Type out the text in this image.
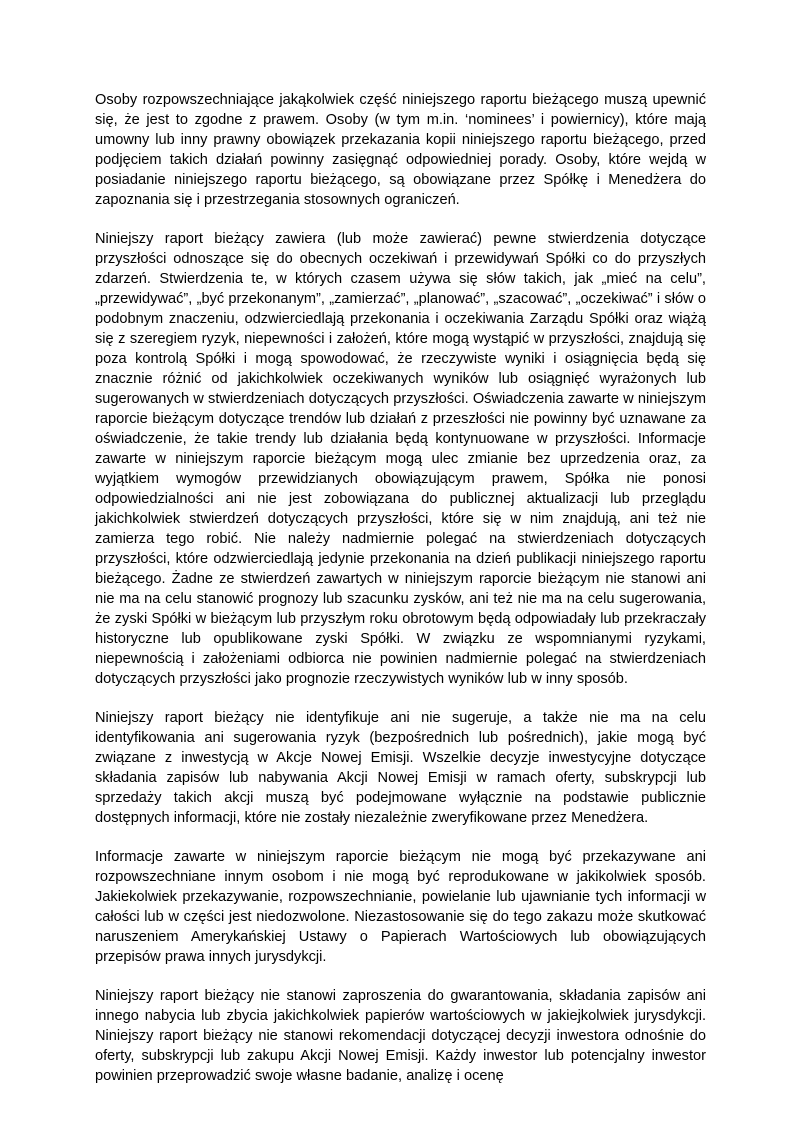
Osoby rozpowszechniające jakąkolwiek część niniejszego raportu bieżącego muszą upewnić się, że jest to zgodne z prawem. Osoby (w tym m.in. ‘nominees’ i powiernicy), które mają umowny lub inny prawny obowiązek przekazania kopii niniejszego raportu bieżącego, przed podjęciem takich działań powinny zasięgnąć odpowiedniej porady. Osoby, które wejdą w posiadanie niniejszego raportu bieżącego, są obowiązane przez Spółkę i Menedżera do zapoznania się i przestrzegania stosownych ograniczeń.

Niniejszy raport bieżący zawiera (lub może zawierać) pewne stwierdzenia dotyczące przyszłości odnoszące się do obecnych oczekiwań i przewidywań Spółki co do przyszłych zdarzeń. Stwierdzenia te, w których czasem używa się słów takich, jak „mieć na celu”, „przewidywać”, „być przekonanym”, „zamierzać”, „planować”, „szacować”, „oczekiwać” i słów o podobnym znaczeniu, odzwierciedlają przekonania i oczekiwania Zarządu Spółki oraz wiążą się z szeregiem ryzyk, niepewności i założeń, które mogą wystąpić w przyszłości, znajdują się poza kontrolą Spółki i mogą spowodować, że rzeczywiste wyniki i osiągnięcia będą się znacznie różnić od jakichkolwiek oczekiwanych wyników lub osiągnięć wyrażonych lub sugerowanych w stwierdzeniach dotyczących przyszłości. Oświadczenia zawarte w niniejszym raporcie bieżącym dotyczące trendów lub działań z przeszłości nie powinny być uznawane za oświadczenie, że takie trendy lub działania będą kontynuowane w przyszłości. Informacje zawarte w niniejszym raporcie bieżącym mogą ulec zmianie bez uprzedzenia oraz, za wyjątkiem wymogów przewidzianych obowiązującym prawem, Spółka nie ponosi odpowiedzialności ani nie jest zobowiązana do publicznej aktualizacji lub przeglądu jakichkolwiek stwierdzeń dotyczących przyszłości, które się w nim znajdują, ani też nie zamierza tego robić. Nie należy nadmiernie polegać na stwierdzeniach dotyczących przyszłości, które odzwierciedlają jedynie przekonania na dzień publikacji niniejszego raportu bieżącego. Żadne ze stwierdzeń zawartych w niniejszym raporcie bieżącym nie stanowi ani nie ma na celu stanowić prognozy lub szacunku zysków, ani też nie ma na celu sugerowania, że zyski Spółki w bieżącym lub przyszłym roku obrotowym będą odpowiadały lub przekraczały historyczne lub opublikowane zyski Spółki. W związku ze wspomnianymi ryzykami, niepewnością i założeniami odbiorca nie powinien nadmiernie polegać na stwierdzeniach dotyczących przyszłości jako prognozie rzeczywistych wyników lub w inny sposób.

Niniejszy raport bieżący nie identyfikuje ani nie sugeruje, a także nie ma na celu identyfikowania ani sugerowania ryzyk (bezpośrednich lub pośrednich), jakie mogą być związane z inwestycją w Akcje Nowej Emisji. Wszelkie decyzje inwestycyjne dotyczące składania zapisów lub nabywania Akcji Nowej Emisji w ramach oferty, subskrypcji lub sprzedaży takich akcji muszą być podejmowane wyłącznie na podstawie publicznie dostępnych informacji, które nie zostały niezależnie zweryfikowane przez Menedżera.

Informacje zawarte w niniejszym raporcie bieżącym nie mogą być przekazywane ani rozpowszechniane innym osobom i nie mogą być reprodukowane w jakikolwiek sposób. Jakiekolwiek przekazywanie, rozpowszechnianie, powielanie lub ujawnianie tych informacji w całości lub w części jest niedozwolone. Niezastosowanie się do tego zakazu może skutkować naruszeniem Amerykańskiej Ustawy o Papierach Wartościowych lub obowiązujących przepisów prawa innych jurysdykcji.

Niniejszy raport bieżący nie stanowi zaproszenia do gwarantowania, składania zapisów ani innego nabycia lub zbycia jakichkolwiek papierów wartościowych w jakiejkolwiek jurysdykcji. Niniejszy raport bieżący nie stanowi rekomendacji dotyczącej decyzji inwestora odnośnie do oferty, subskrypcji lub zakupu Akcji Nowej Emisji. Każdy inwestor lub potencjalny inwestor powinien przeprowadzić swoje własne badanie, analizę i ocenę
